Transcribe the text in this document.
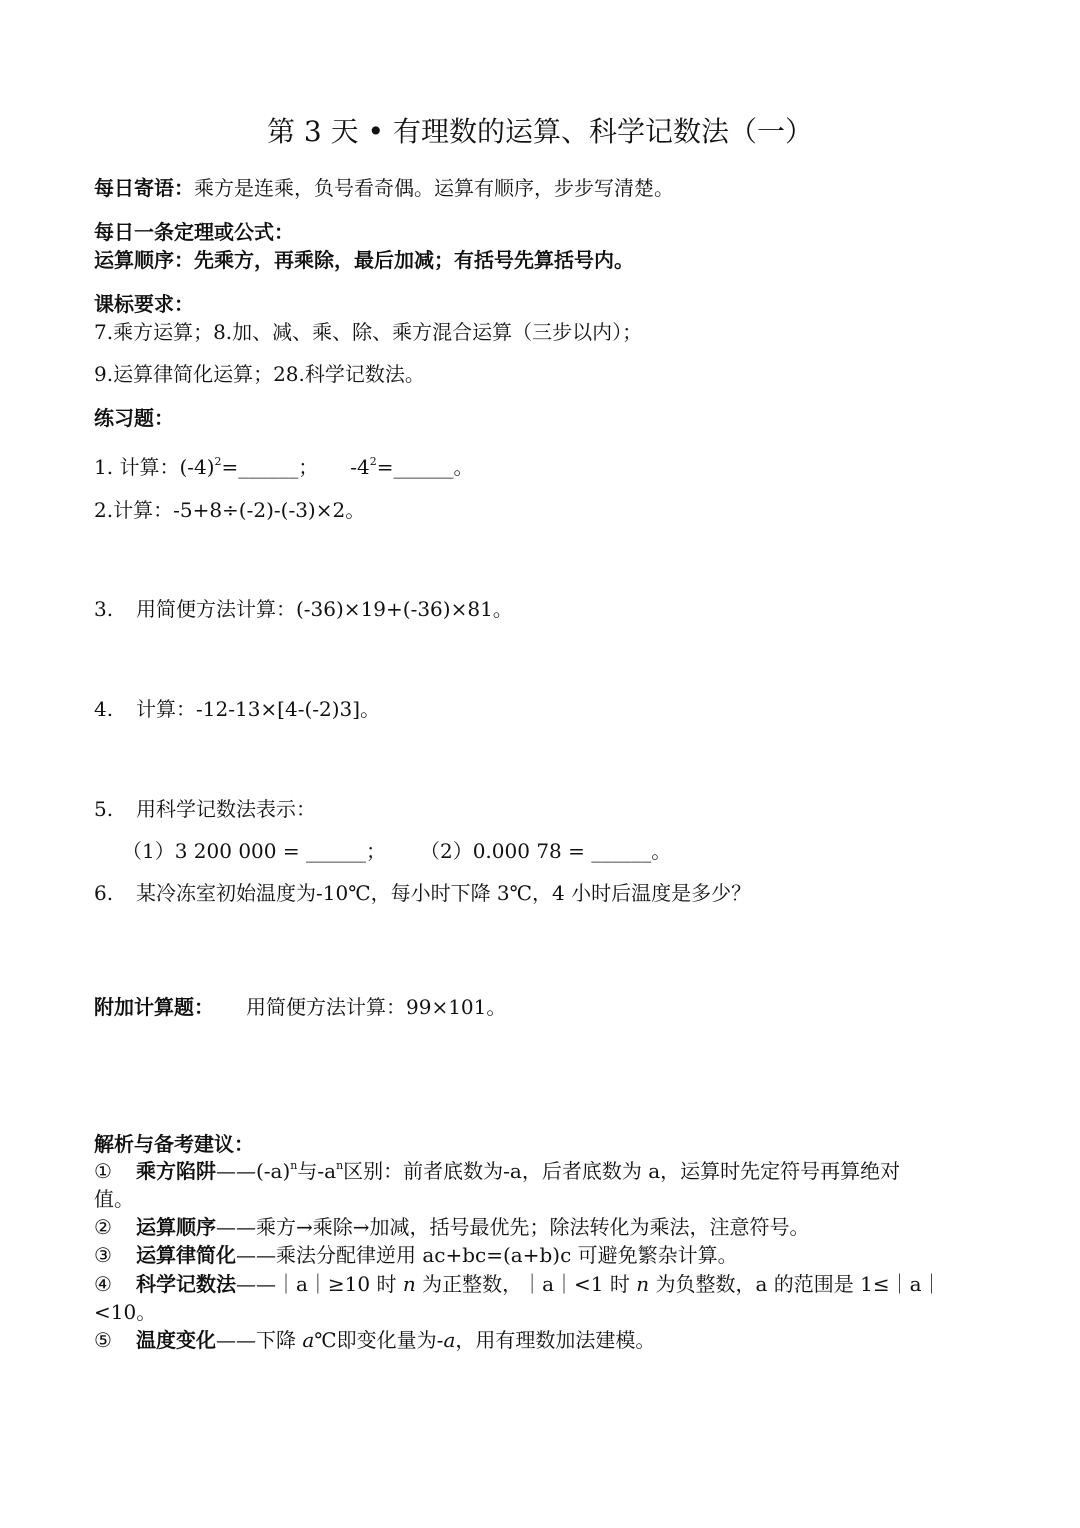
第 3 天 • 有理数的运算、科学记数法（一）
每日寄语：乘方是连乘，负号看奇偶。运算有顺序，步步写清楚。
每日一条定理或公式：
运算顺序：先乘方，再乘除，最后加减；有括号先算括号内。
课标要求：
7.乘方运算；8.加、减、乘、除、乘方混合运算（三步以内）；
9.运算律简化运算；28.科学记数法。
练习题：
1. 计算：$(-4)^2=\_\_\_\_\_\_$； $-4^2=\_\_\_\_\_\_$。
2.计算：-5+8÷(-2)-(-3)×2。
3. 用简便方法计算：(-36)×19+(-36)×81。
4. 计算：-12-13×[4-(-2)3]。
5. 用科学记数法表示：
（1）3 200 000 = ______； （2）0.000 78 = ______。
6. 某冷冻室初始温度为-10℃，每小时下降 3℃，4 小时后温度是多少？
附加计算题： 用简便方法计算：99×101。
解析与备考建议：
① 乘方陷阱$——(-a)^n$与$-a^n$区别：前者底数为-a，后者底数为 a，运算时先定符号再算绝对
值。
② 运算顺序——乘方→乘除→加减，括号最优先；除法转化为乘法，注意符号。
③ 运算律简化——乘法分配律逆用 ac+bc=(a+b)c 可避免繁杂计算。
④ 科学记数法——｜a｜≥10 时 n 为正整数，｜a｜<1 时 n 为负整数，a 的范围是 1≤｜a｜
<10。
⑤ 温度变化——下降 a℃即变化量为-a，用有理数加法建模。
